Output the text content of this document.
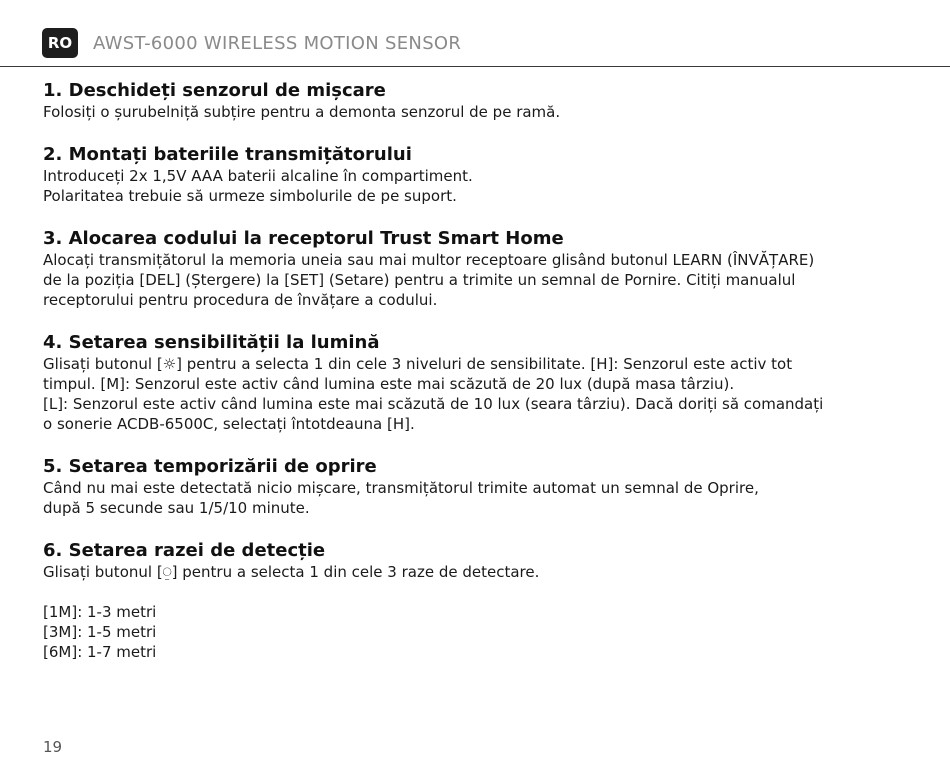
RO	AWST-6000 WIRELESS MOTION SENSOR
1. Deschideți senzorul de mișcare
Folosiți o șurubelniță subțire pentru a demonta senzorul de pe ramă.
2. Montați bateriile transmițătorului
Introduceți 2x 1,5V AAA baterii alcaline în compartiment.
Polaritatea trebuie să urmeze simbolurile de pe suport.
3. Alocarea codului la receptorul Trust Smart Home
Alocați transmițătorul la memoria uneia sau mai multor receptoare glisând butonul LEARN (ÎNVĂȚARE)
de la poziția [DEL] (Ștergere) la [SET] (Setare) pentru a trimite un semnal de Pornire. Citiți manualul
receptorului pentru procedura de învățare a codului.
4. Setarea sensibilității la lumină
Glisați butonul [☼] pentru a selecta 1 din cele 3 niveluri de sensibilitate. [H]: Senzorul este activ tot
timpul. [M]: Senzorul este activ când lumina este mai scăzută de 20 lux (după masa târziu).
[L]: Senzorul este activ când lumina este mai scăzută de 10 lux (seara târziu). Dacă doriți să comandați
o sonerie ACDB-6500C, selectați întotdeauna [H].
5. Setarea temporizării de oprire
Când nu mai este detectată nicio mișcare, transmițătorul trimite automat un semnal de Oprire,
după 5 secunde sau 1/5/10 minute.
6. Setarea razei de detecție
Glisați butonul [⍜] pentru a selecta 1 din cele 3 raze de detectare.
[1M]: 1-3 metri
[3M]: 1-5 metri
[6M]: 1-7 metri
19
